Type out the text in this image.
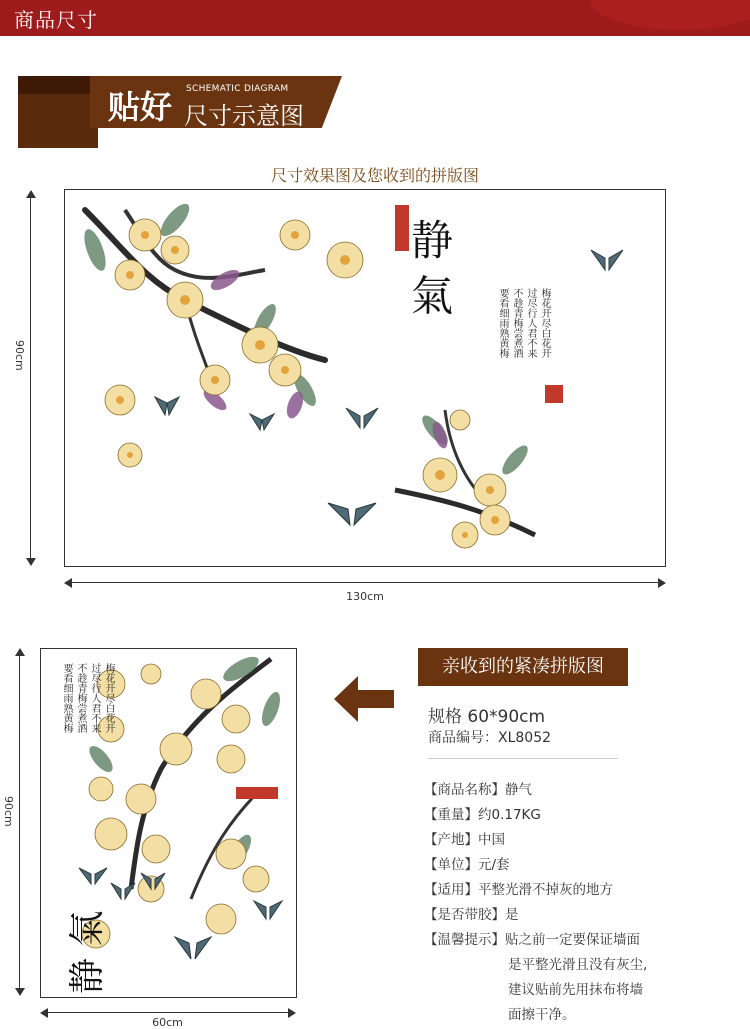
商品尺寸
贴好 SCHEMATIC DIAGRAM
尺寸示意图
尺寸效果图及您收到的拼版图
静 氣
梅花开尽白花开
过尽行人君不来
不趁青梅尝煮酒
要看细雨熟黄梅
90cm
130cm
梅花开尽白花开
过尽行人君不来
不趁青梅尝煮酒
要看细雨熟黄梅
静 氣
90cm
60cm
亲收到的紧凑拼版图
规格 60*90cm
商品编号：XL8052
【商品名称】静气
【重量】约0.17KG
【产地】中国
【单位】元/套
【适用】平整光滑不掉灰的地方
【是否带胶】是
【温馨提示】贴之前一定要保证墙面
是平整光滑且没有灰尘,
建议贴前先用抹布将墙
面擦干净。
